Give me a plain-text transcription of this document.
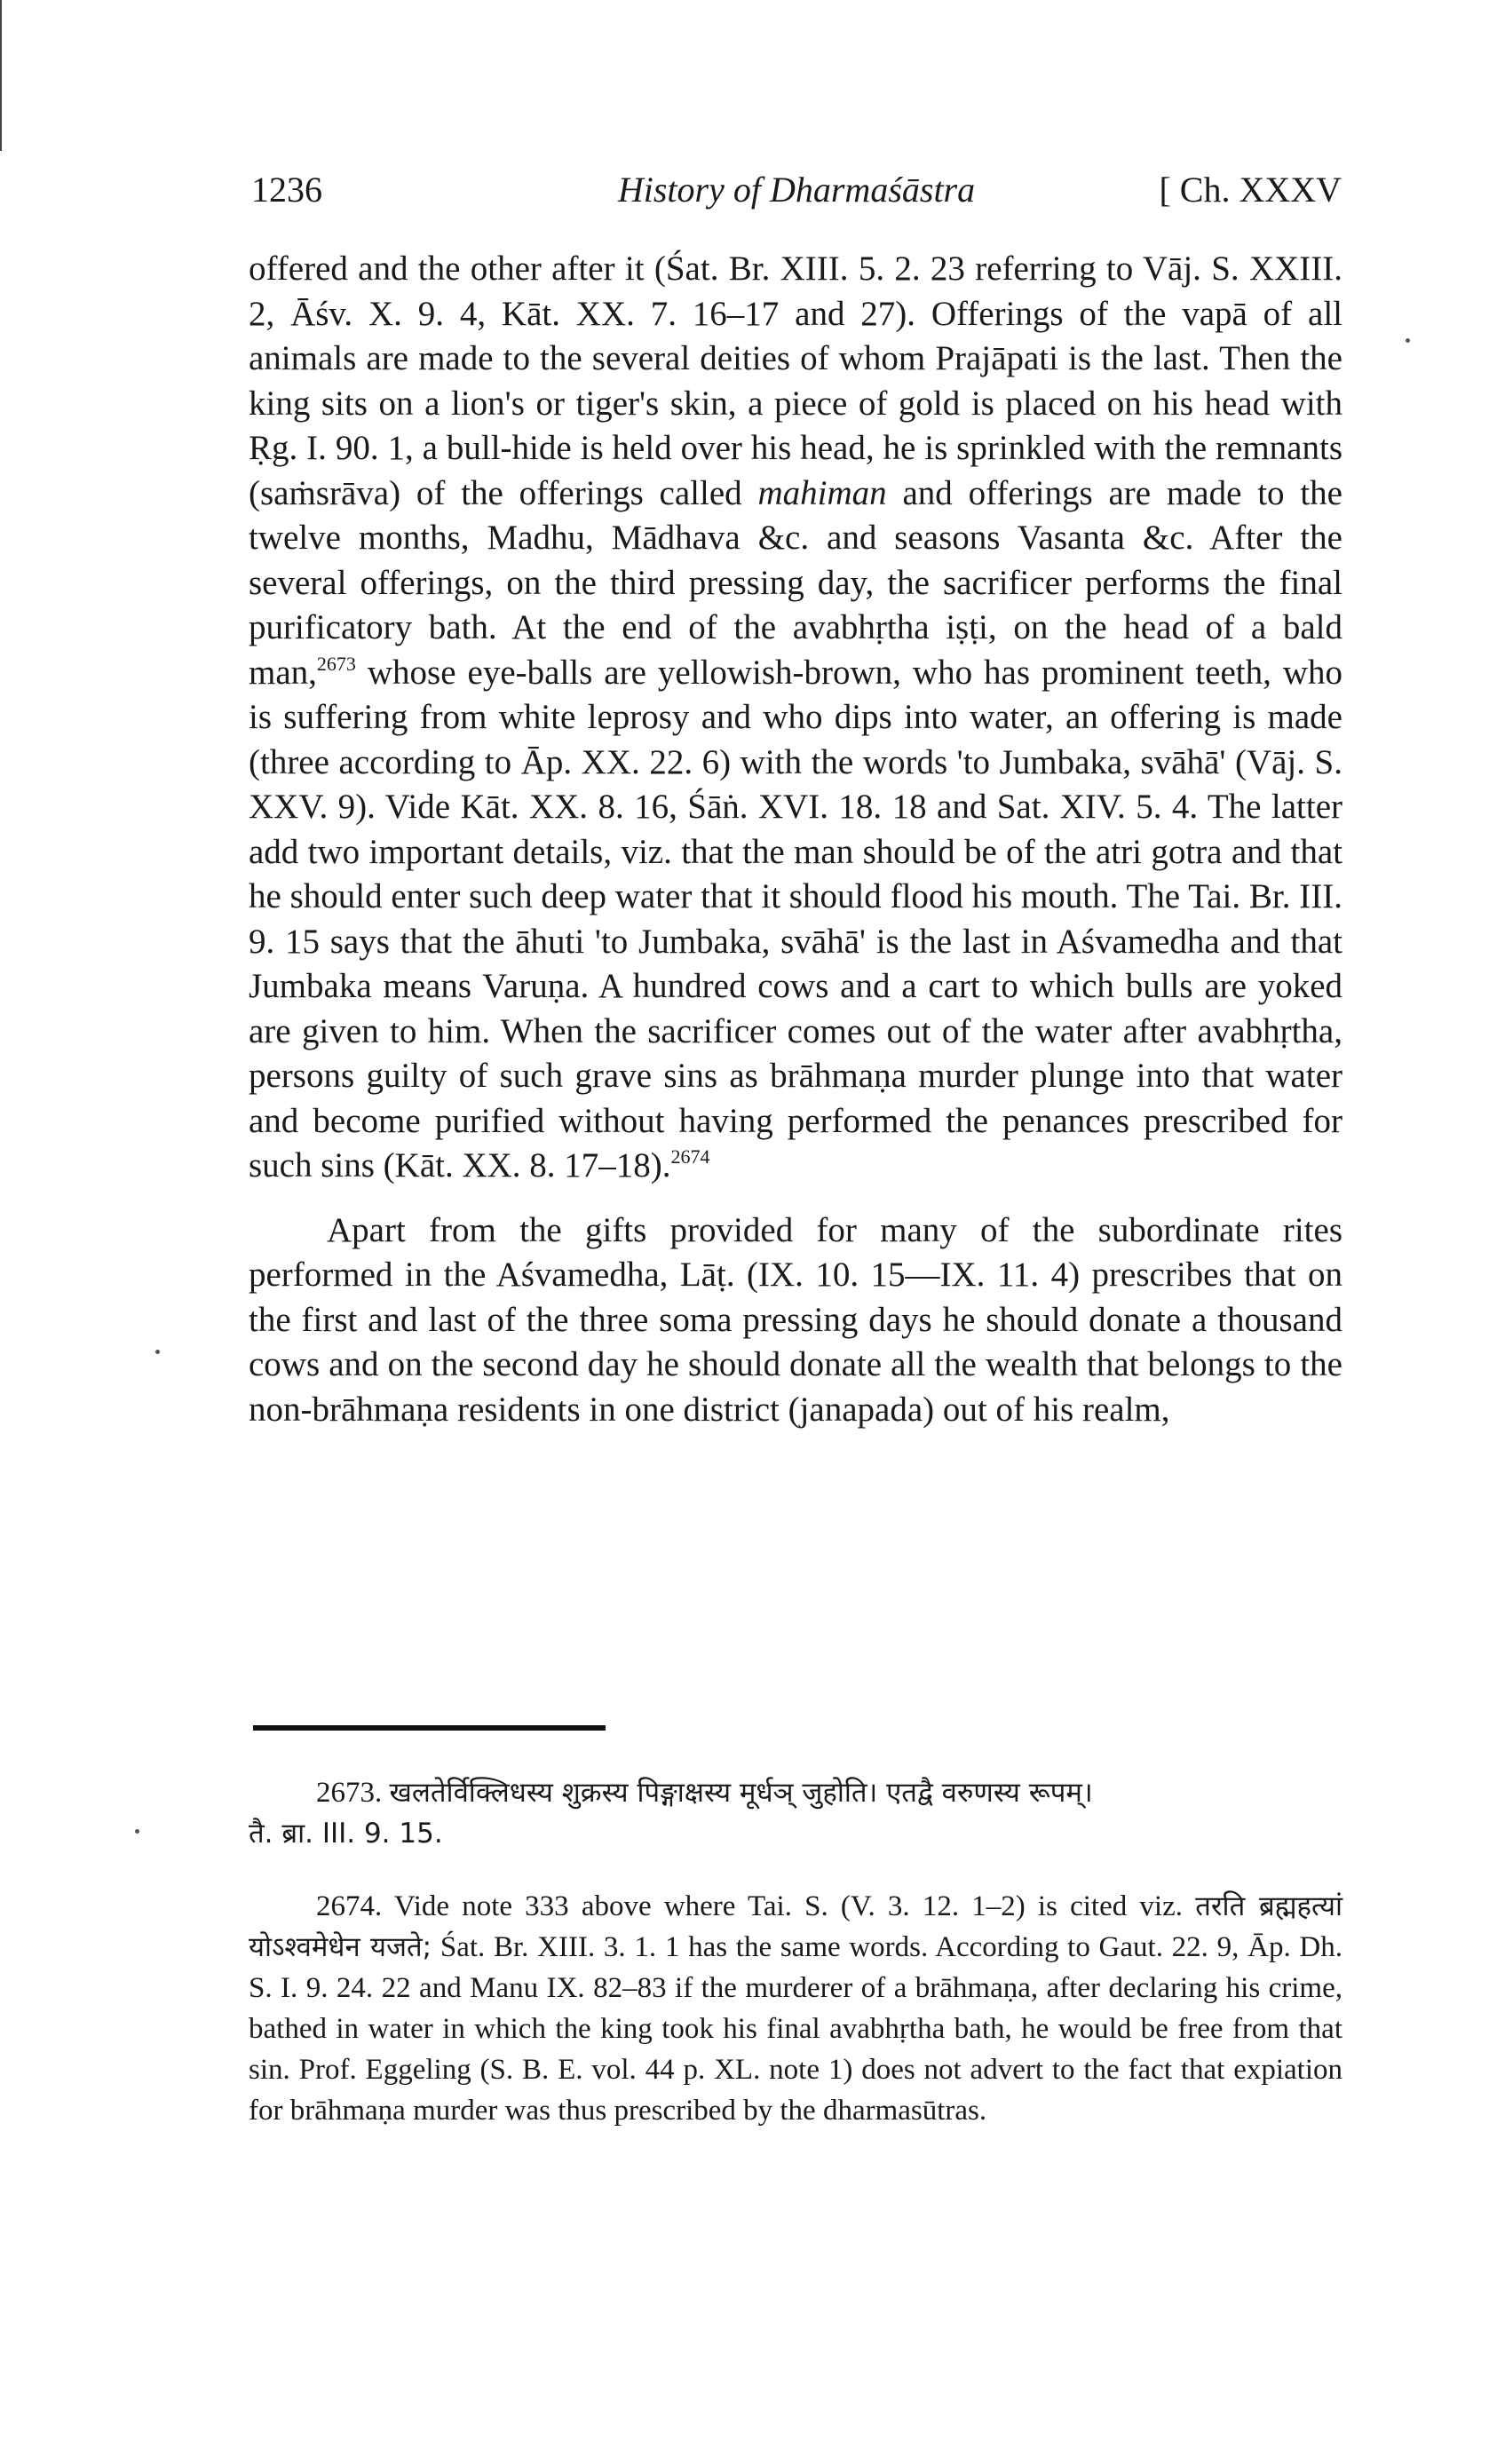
1236	History of Dharmaśāstra	[ Ch. XXXV

offered and the other after it (Śat. Br. XIII. 5. 2. 23 referring to Vāj. S. XXIII. 2, Āśv. X. 9. 4, Kāt. XX. 7. 16–17 and 27). Offerings of the vapā of all animals are made to the several deities of whom Prajāpati is the last. Then the king sits on a lion's or tiger's skin, a piece of gold is placed on his head with Ṛg. I. 90. 1, a bull-hide is held over his head, he is sprinkled with the remnants (saṁsrāva) of the offerings called mahiman and offerings are made to the twelve months, Madhu, Mādhava &c. and seasons Vasanta &c. After the several offerings, on the third pressing day, the sacrificer performs the final purificatory bath. At the end of the avabhṛtha iṣṭi, on the head of a bald man,$^{2673}$ whose eye-balls are yellowish-brown, who has prominent teeth, who is suffering from white leprosy and who dips into water, an offering is made (three according to Āp. XX. 22. 6) with the words 'to Jumbaka, svāhā' (Vāj. S. XXV. 9). Vide Kāt. XX. 8. 16, Śāṅ. XVI. 18. 18 and Sat. XIV. 5. 4. The latter add two important details, viz. that the man should be of the atri gotra and that he should enter such deep water that it should flood his mouth. The Tai. Br. III. 9. 15 says that the āhuti 'to Jumbaka, svāhā' is the last in Aśvamedha and that Jumbaka means Varuṇa. A hundred cows and a cart to which bulls are yoked are given to him. When the sacrificer comes out of the water after avabhṛtha, persons guilty of such grave sins as brāhmaṇa murder plunge into that water and become purified without having performed the penances prescribed for such sins (Kāt. XX. 8. 17–18).$^{2674}$

Apart from the gifts provided for many of the subordinate rites performed in the Aśvamedha, Lāṭ. (IX. 10. 15—IX. 11. 4) prescribes that on the first and last of the three soma pressing days he should donate a thousand cows and on the second day he should donate all the wealth that belongs to the non-brāhmaṇa residents in one district (janapada) out of his realm,

2673. खलतेर्विक्लिधस्य शुक्रस्य पिङ्गाक्षस्य मूर्धञ् जुहोति। एतद्वै वरुणस्य रूपम्।

तै. ब्रा. III. 9. 15.

2674. Vide note 333 above where Tai. S. (V. 3. 12. 1–2) is cited viz. तरति ब्रह्महत्यां योऽश्वमेधेन यजते; Śat. Br. XIII. 3. 1. 1 has the same words. According to Gaut. 22. 9, Āp. Dh. S. I. 9. 24. 22 and Manu IX. 82–83 if the murderer of a brāhmaṇa, after declaring his crime, bathed in water in which the king took his final avabhṛtha bath, he would be free from that sin. Prof. Eggeling (S. B. E. vol. 44 p. XL. note 1) does not advert to the fact that expiation for brāhmaṇa murder was thus prescribed by the dharmasūtras.
